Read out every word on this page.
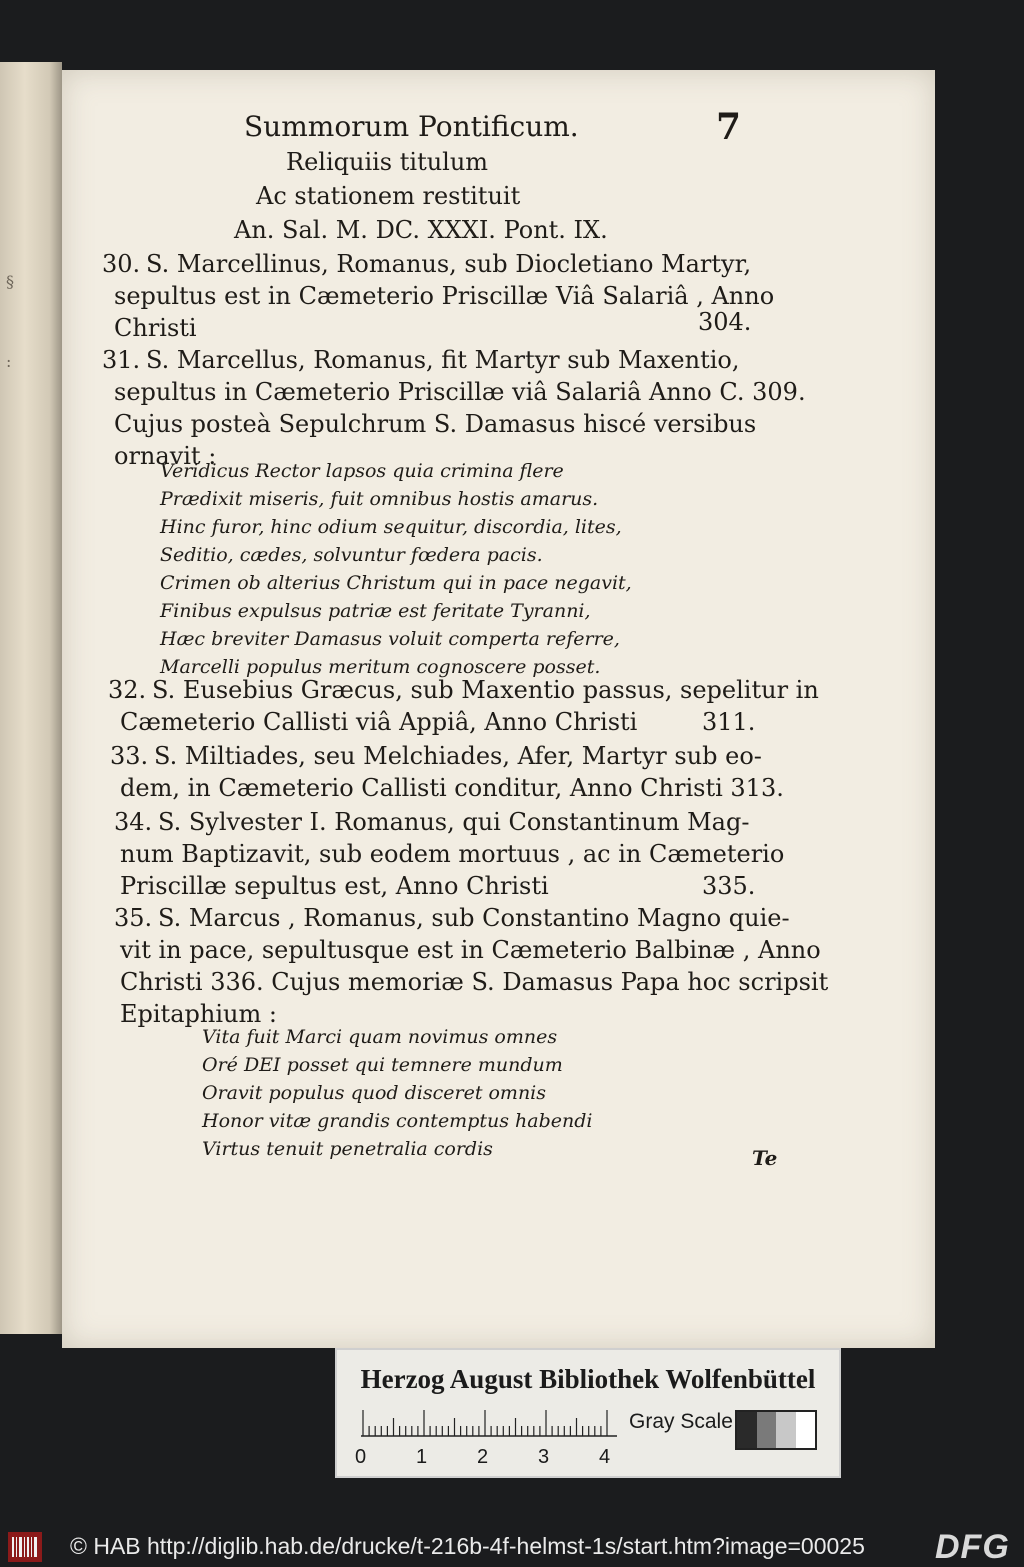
§
:
Summorum Pontificum.	7
Reliquiis titulum
Ac stationem restituit
An. Sal. M. DC. XXXI. Pont. IX.
30. S. Marcellinus, Romanus, sub Diocletiano Martyr,
sepultus est in Cæmeterio Priscillæ Viâ Salariâ , Anno
Christi	304.
31. S. Marcellus, Romanus, fit Martyr sub Maxentio,
sepultus in Cæmeterio Priscillæ viâ Salariâ Anno C. 309.
Cujus posteà Sepulchrum S. Damasus hiscé versibus
ornavit :
Veridicus Rector lapsos quia crimina flere
Prædixit miseris, fuit omnibus hostis amarus.
Hinc furor, hinc odium sequitur, discordia, lites,
Seditio, cædes, solvuntur fœdera pacis.
Crimen ob alterius Christum qui in pace negavit,
Finibus expulsus patriæ est feritate Tyranni,
Hæc breviter Damasus voluit comperta referre,
Marcelli populus meritum cognoscere posset.
32. S. Eusebius Græcus, sub Maxentio passus, sepelitur in
Cæmeterio Callisti viâ Appiâ, Anno Christi	311.
33. S. Miltiades, seu Melchiades, Afer, Martyr sub eo-
dem, in Cæmeterio Callisti conditur, Anno Christi 313.
34. S. Sylvester I. Romanus, qui Constantinum Mag-
num Baptizavit, sub eodem mortuus , ac in Cæmeterio
Priscillæ sepultus est, Anno Christi	335.
35. S. Marcus , Romanus, sub Constantino Magno quie-
vit in pace, sepultusque est in Cæmeterio Balbinæ , Anno
Christi 336. Cujus memoriæ S. Damasus Papa hoc scripsit
Epitaphium :
Vita fuit Marci quam novimus omnes
Oré DEI posset qui temnere mundum
Oravit populus quod disceret omnis
Honor vitæ grandis contemptus habendi
Virtus tenuit penetralia cordis	Te
Herzog August Bibliothek Wolfenbüttel
0 1 2 3 4
Gray Scale
© HAB http://diglib.hab.de/drucke/t-216b-4f-helmst-1s/start.htm?image=00025 DFG
